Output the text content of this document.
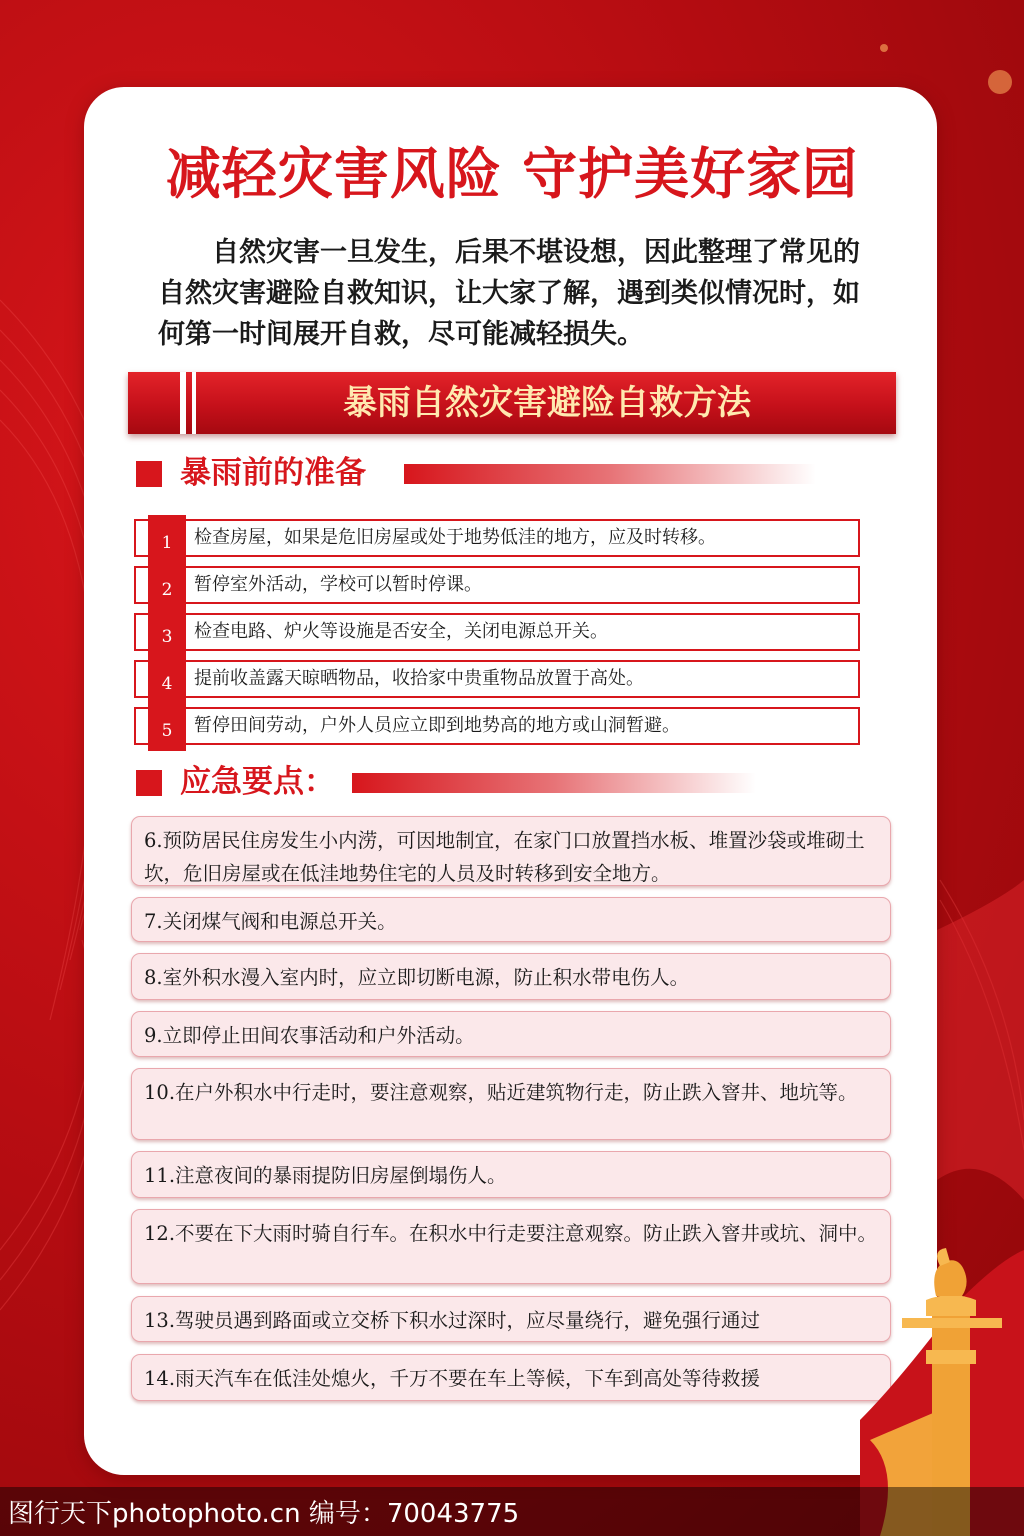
减轻灾害风险 守护美好家园
自然灾害一旦发生，后果不堪设想，因此整理了常见的自然灾害避险自救知识，让大家了解，遇到类似情况时，如何第一时间展开自救，尽可能减轻损失。
暴雨自然灾害避险自救方法
暴雨前的准备
1	检查房屋，如果是危旧房屋或处于地势低洼的地方，应及时转移。
2	暂停室外活动，学校可以暂时停课。
3	检查电路、炉火等设施是否安全，关闭电源总开关。
4	提前收盖露天晾晒物品，收拾家中贵重物品放置于高处。
5	暂停田间劳动，户外人员应立即到地势高的地方或山洞暂避。
应急要点：
6.预防居民住房发生小内涝，可因地制宜，在家门口放置挡水板、堆置沙袋或堆砌土坎，危旧房屋或在低洼地势住宅的人员及时转移到安全地方。
7.关闭煤气阀和电源总开关。
8.室外积水漫入室内时，应立即切断电源，防止积水带电伤人。
9.立即停止田间农事活动和户外活动。
10.在户外积水中行走时，要注意观察，贴近建筑物行走，防止跌入窨井、地坑等。
11.注意夜间的暴雨提防旧房屋倒塌伤人。
12.不要在下大雨时骑自行车。在积水中行走要注意观察。防止跌入窨井或坑、洞中。
13.驾驶员遇到路面或立交桥下积水过深时，应尽量绕行，避免强行通过
14.雨天汽车在低洼处熄火，千万不要在车上等候，下车到高处等待救援
图行天下photophoto.cn 编号：70043775
